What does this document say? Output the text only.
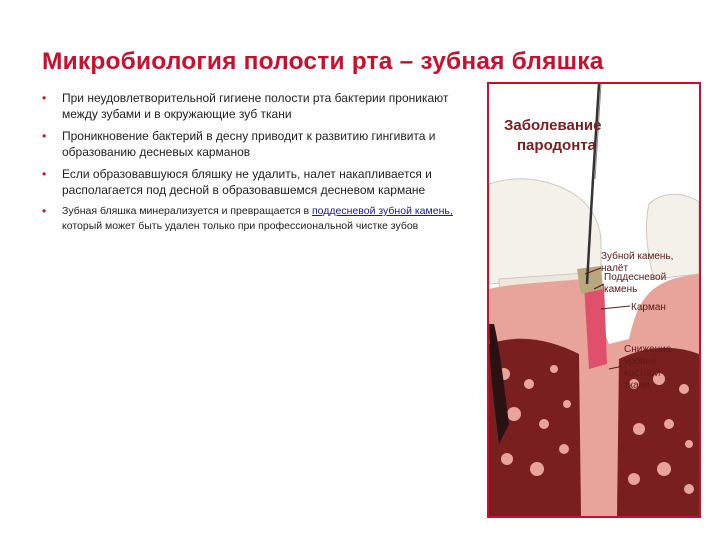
Микробиология полости рта – зубная бляшка
• При неудовлетворительной гигиене полости рта бактерии проникают между зубами и в окружающие зуб ткани
• Проникновение бактерий в десну приводит к развитию гингивита и образованию десневых карманов
• Если образовавшуюся бляшку не удалить, налет накапливается и располагается под десной в образовавшемся десневом кармане
• Зубная бляшка минерализуется и превращается в поддесневой зубной камень, который может быть удален только при профессиональной чистке зубов
Заболевание
пародонта
Зубной камень,
налёт
Поддесневой
камень
Карман
Снижение
уровня
костной
ткани
